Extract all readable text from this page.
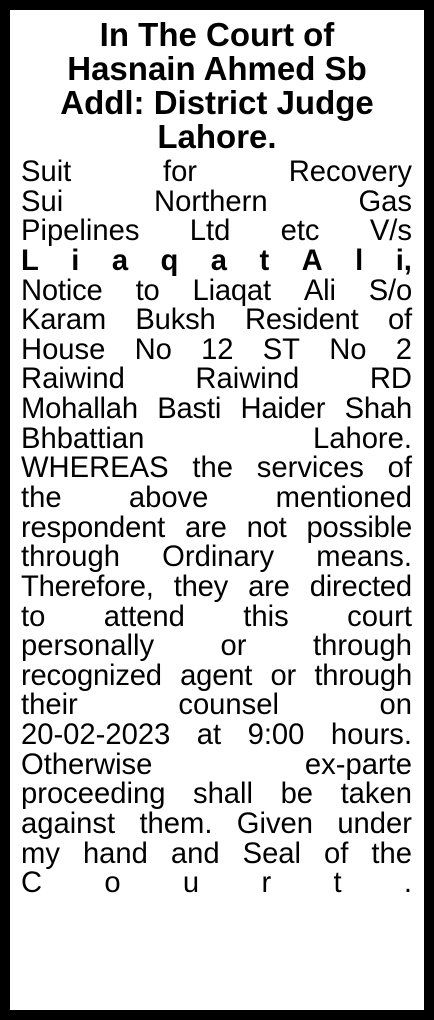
In The Court of
Hasnain Ahmed Sb
Addl: District Judge
Lahore.
Suit	for	Recovery
Sui	Northern	Gas
Pipelines Ltd etc V/s
L i a q a t A l i,
Notice to Liaqat Ali S/o
Karam Buksh Resident of
House No 12 ST No 2
Raiwind Raiwind RD
Mohallah Basti Haider Shah
Bhbattian	Lahore.
WHEREAS the services of
the above mentioned
respondent are not possible
through Ordinary means.
Therefore, they are directed
to attend this court
personally or through
recognized agent or through
their	counsel	on
20-02-2023 at 9:00 hours.
Otherwise	ex-parte
proceeding shall be taken
against them. Given under
my hand and Seal of the
C o u r t .
